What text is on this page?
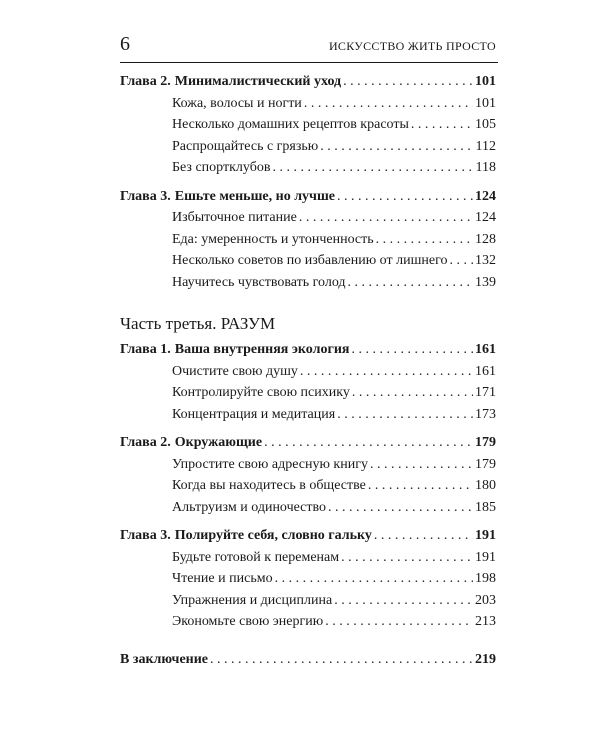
6	ИСКУССТВО ЖИТЬ ПРОСТО
Глава 2. Минималистический уход . . .	101
Кожа, волосы и ногти . . .	101
Несколько домашних рецептов красоты . . .	105
Распрощайтесь с грязью . . .	112
Без спортклубов . . .	118
Глава 3. Ешьте меньше, но лучше . . .	124
Избыточное питание . . .	124
Еда: умеренность и утонченность . . .	128
Несколько советов по избавлению от лишнего . . . 132
Научитесь чувствовать голод . . .	139
Часть третья. РАЗУМ
Глава 1. Ваша внутренняя экология . . .	161
Очистите свою душу . . .	161
Контролируйте свою психику . . .	171
Концентрация и медитация . . .	173
Глава 2. Окружающие . . .	179
Упростите свою адресную книгу . . .	179
Когда вы находитесь в обществе . . .	180
Альтруизм и одиночество . . .	185
Глава 3. Полируйте себя, словно гальку . . .	191
Будьте готовой к переменам . . .	191
Чтение и письмо . . .	198
Упражнения и дисциплина . . .	203
Экономьте свою энергию . . .	213
В заключение . . .	219
